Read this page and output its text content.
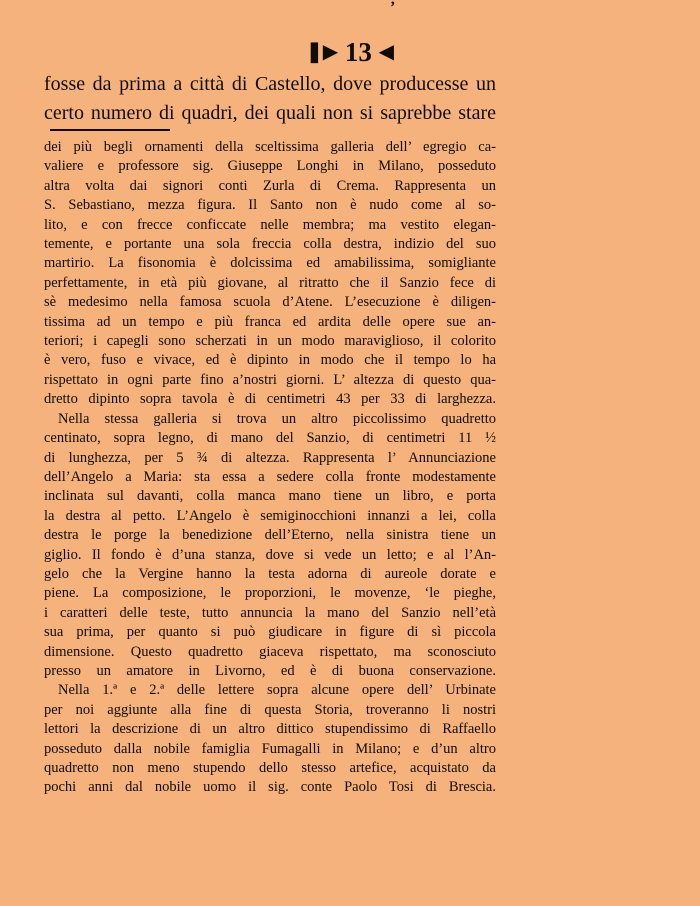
’
❚▶ 13 ◀
fosse da prima a città di Castello, dove producesse un
certo numero di quadri, dei quali non si saprebbe stare
dei più begli ornamenti della sceltissima galleria dell’ egregio ca-
valiere e professore sig. Giuseppe Longhi in Milano, posseduto
altra volta dai signori conti Zurla di Crema. Rappresenta un
S. Sebastiano, mezza figura. Il Santo non è nudo come al so-
lito, e con frecce conficcate nelle membra; ma vestito elegan-
temente, e portante una sola freccia colla destra, indizio del suo
martirio. La fisonomia è dolcissima ed amabilissima, somigliante
perfettamente, in età più giovane, al ritratto che il Sanzio fece di
sè medesimo nella famosa scuola d’Atene. L’esecuzione è diligen-
tissima ad un tempo e più franca ed ardita delle opere sue an-
teriori; i capegli sono scherzati in un modo maraviglioso, il colorito
è vero, fuso e vivace, ed è dipinto in modo che il tempo lo ha
rispettato in ogni parte fino a’nostri giorni. L’ altezza di questo qua-
dretto dipinto sopra tavola è di centimetri 43 per 33 di larghezza.
Nella stessa galleria si trova un altro piccolissimo quadretto
centinato, sopra legno, di mano del Sanzio, di centimetri 11 ½
di lunghezza, per 5 ¾ di altezza. Rappresenta l’ Annunciazione
dell’Angelo a Maria: sta essa a sedere colla fronte modestamente
inclinata sul davanti, colla manca mano tiene un libro, e porta
la destra al petto. L’Angelo è semiginocchioni innanzi a lei, colla
destra le porge la benedizione dell’Eterno, nella sinistra tiene un
giglio. Il fondo è d’una stanza, dove si vede un letto; e al l’An-
gelo che la Vergine hanno la testa adorna di aureole dorate e
piene. La composizione, le proporzioni, le movenze, ‘le pieghe,
i caratteri delle teste, tutto annuncia la mano del Sanzio nell’età
sua prima, per quanto si può giudicare in figure di sì piccola
dimensione. Questo quadretto giaceva rispettato, ma sconosciuto
presso un amatore in Livorno, ed è di buona conservazione.
Nella 1.ª e 2.ª delle lettere sopra alcune opere dell’ Urbinate
per noi aggiunte alla fine di questa Storia, troveranno li nostri
lettori la descrizione di un altro dittico stupendissimo di Raffaello
posseduto dalla nobile famiglia Fumagalli in Milano; e d’un altro
quadretto non meno stupendo dello stesso artefice, acquistato da
pochi anni dal nobile uomo il sig. conte Paolo Tosi di Brescia.
